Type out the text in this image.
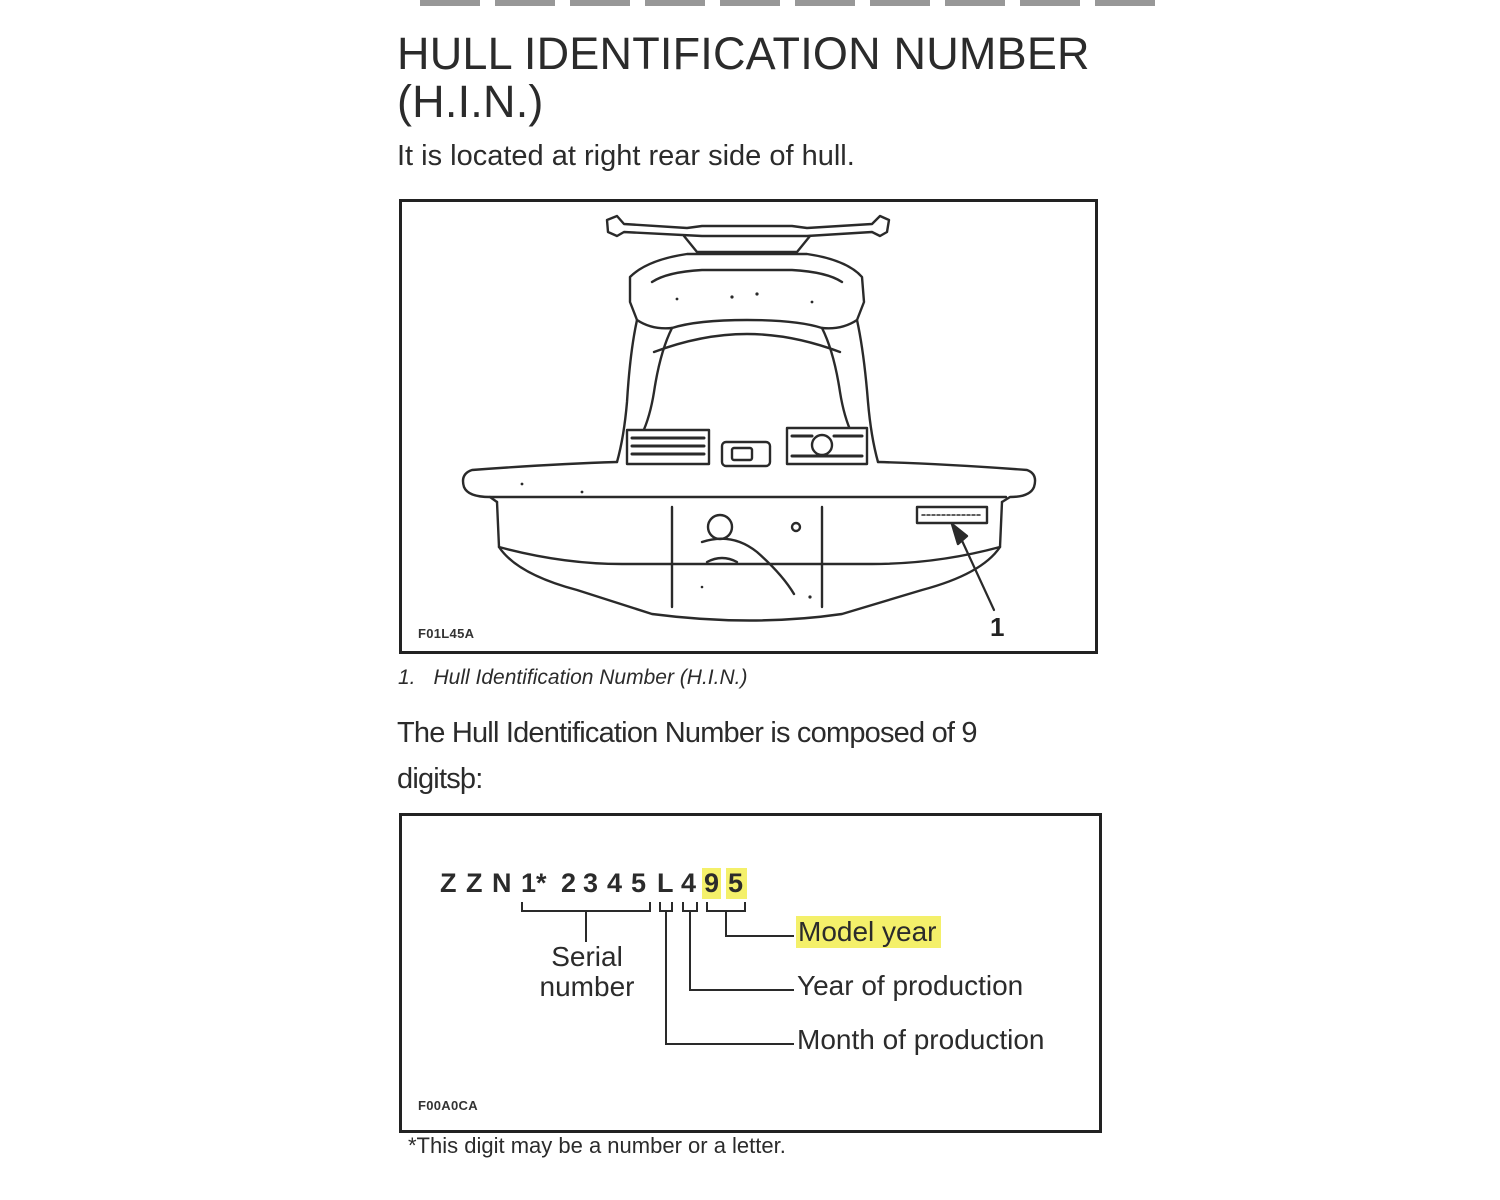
HULL IDENTIFICATION NUMBER
(H.I.N.)
It is located at right rear side of hull.
F01L45A	1
1. Hull Identification Number (H.I.N.)
The Hull Identification Number is composed of 9 digitsþ:
Z Z N 1* 2 3 4 5 L 4 9 5
Serial
number
Model year
Year of production
Month of production
F00A0CA
*This digit may be a number or a letter.
